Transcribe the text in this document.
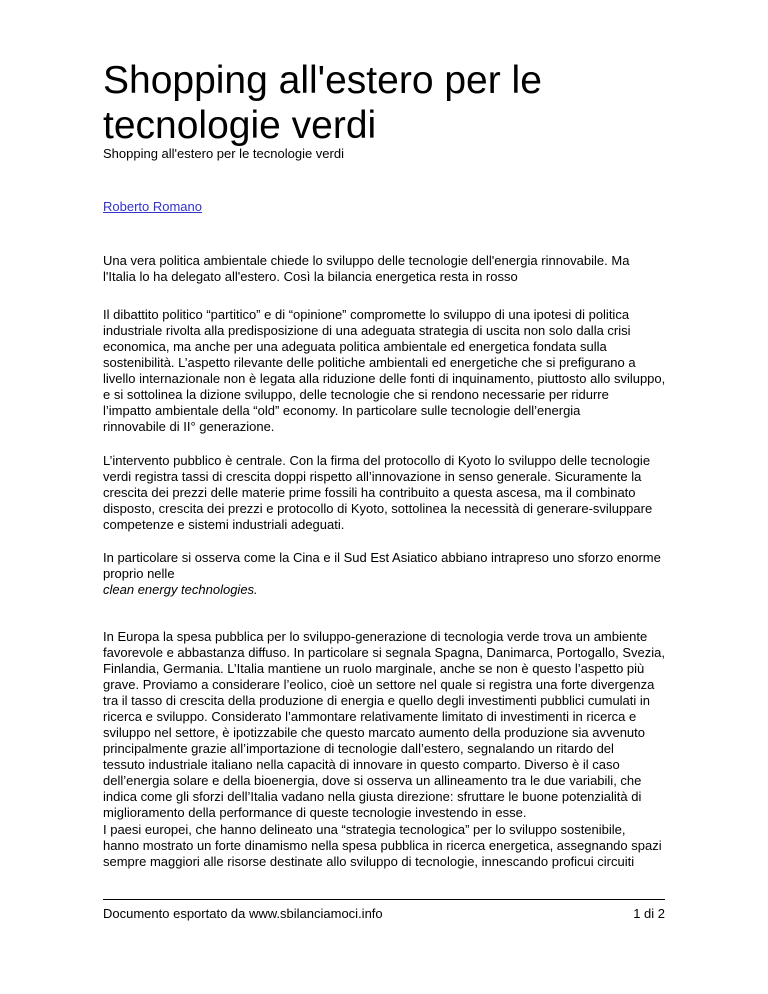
Shopping all'estero per le tecnologie verdi
Shopping all'estero per le tecnologie verdi
Roberto Romano
Una vera politica ambientale chiede lo sviluppo delle tecnologie dell'energia rinnovabile. Ma
l'Italia lo ha delegato all'estero. Così la bilancia energetica resta in rosso
Il dibattito politico “partitico” e di “opinione” compromette lo sviluppo di una ipotesi di politica
industriale rivolta alla predisposizione di una adeguata strategia di uscita non solo dalla crisi
economica, ma anche per una adeguata politica ambientale ed energetica fondata sulla
sostenibilità. L’aspetto rilevante delle politiche ambientali ed energetiche che si prefigurano a
livello internazionale non è legata alla riduzione delle fonti di inquinamento, piuttosto allo sviluppo,
e si sottolinea la dizione sviluppo, delle tecnologie che si rendono necessarie per ridurre
l’impatto ambientale della “old” economy. In particolare sulle tecnologie dell’energia
rinnovabile di II° generazione.
L’intervento pubblico è centrale. Con la firma del protocollo di Kyoto lo sviluppo delle tecnologie
verdi registra tassi di crescita doppi rispetto all’innovazione in senso generale. Sicuramente la
crescita dei prezzi delle materie prime fossili ha contribuito a questa ascesa, ma il combinato
disposto, crescita dei prezzi e protocollo di Kyoto, sottolinea la necessità di generare-sviluppare
competenze e sistemi industriali adeguati.
In particolare si osserva come la Cina e il Sud Est Asiatico abbiano intrapreso uno sforzo enorme
proprio nelle
clean energy technologies.
In Europa la spesa pubblica per lo sviluppo-generazione di tecnologia verde trova un ambiente
favorevole e abbastanza diffuso. In particolare si segnala Spagna, Danimarca, Portogallo, Svezia,
Finlandia, Germania. L’Italia mantiene un ruolo marginale, anche se non è questo l’aspetto più
grave. Proviamo a considerare l’eolico, cioè un settore nel quale si registra una forte divergenza
tra il tasso di crescita della produzione di energia e quello degli investimenti pubblici cumulati in
ricerca e sviluppo. Considerato l’ammontare relativamente limitato di investimenti in ricerca e
sviluppo nel settore, è ipotizzabile che questo marcato aumento della produzione sia avvenuto
principalmente grazie all’importazione di tecnologie dall’estero, segnalando un ritardo del
tessuto industriale italiano nella capacità di innovare in questo comparto. Diverso è il caso
dell’energia solare e della bioenergia, dove si osserva un allineamento tra le due variabili, che
indica come gli sforzi dell’Italia vadano nella giusta direzione: sfruttare le buone potenzialità di
miglioramento della performance di queste tecnologie investendo in esse.
I paesi europei, che hanno delineato una “strategia tecnologica” per lo sviluppo sostenibile,
hanno mostrato un forte dinamismo nella spesa pubblica in ricerca energetica, assegnando spazi
sempre maggiori alle risorse destinate allo sviluppo di tecnologie, innescando proficui circuiti
Documento esportato da www.sbilanciamoci.info	1 di 2
